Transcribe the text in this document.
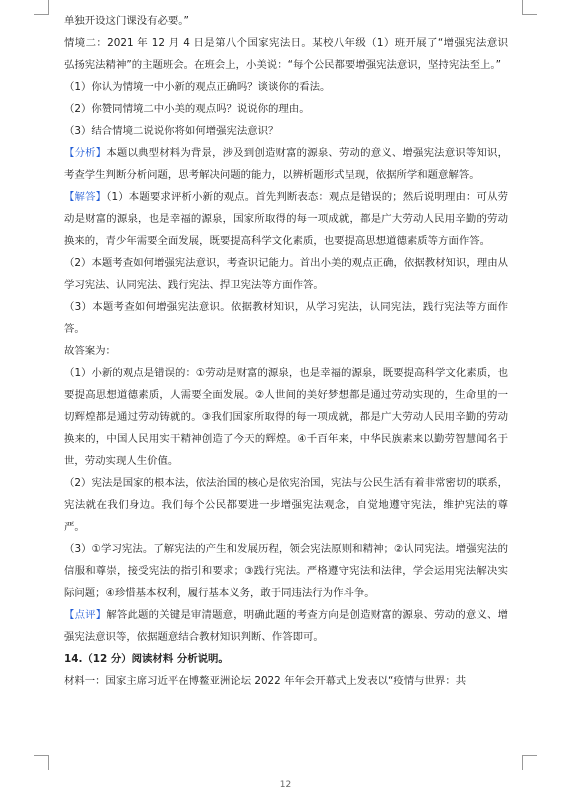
单独开设这门课没有必要。”

情境二：2021 年 12 月 4 日是第八个国家宪法日。某校八年级（1）班开展了“增强宪法意识　弘扬宪法精神”的主题班会。在班会上，小美说：“每个公民都要增强宪法意识，坚持宪法至上。”

（1）你认为情境一中小新的观点正确吗？谈谈你的看法。

（2）你赞同情境二中小美的观点吗？说说你的理由。

（3）结合情境二说说你将如何增强宪法意识？

【分析】本题以典型材料为背景，涉及到创造财富的源泉、劳动的意义、增强宪法意识等知识，考查学生判断分析问题，思考解决问题的能力，以辨析题形式呈现，依据所学和题意解答。

【解答】（1）本题要求评析小新的观点。首先判断表态：观点是错误的；然后说明理由：可从劳动是财富的源泉，也是幸福的源泉，国家所取得的每一项成就，都是广大劳动人民用辛勤的劳动换来的，青少年需要全面发展，既要提高科学文化素质，也要提高思想道德素质等方面作答。

（2）本题考查如何增强宪法意识，考查识记能力。首出小美的观点正确，依据教材知识，理由从学习宪法、认同宪法、践行宪法、捍卫宪法等方面作答。

（3）本题考查如何增强宪法意识。依据教材知识，从学习宪法，认同宪法，践行宪法等方面作答。

故答案为：

（1）小新的观点是错误的：①劳动是财富的源泉，也是幸福的源泉，既要提高科学文化素质，也要提高思想道德素质，人需要全面发展。②人世间的美好梦想都是通过劳动实现的，生命里的一切辉煌都是通过劳动铸就的。③我们国家所取得的每一项成就，都是广大劳动人民用辛勤的劳动换来的，中国人民用实干精神创造了今天的辉煌。④千百年来，中华民族素来以勤劳智慧闻名于世，劳动实现人生价值。

（2）宪法是国家的根本法，依法治国的核心是依宪治国，宪法与公民生活有着非常密切的联系，宪法就在我们身边。我们每个公民都要进一步增强宪法观念，自觉地遵守宪法，维护宪法的尊严。

（3）①学习宪法。了解宪法的产生和发展历程，领会宪法原则和精神；②认同宪法。增强宪法的信服和尊崇，接受宪法的指引和要求；③践行宪法。严格遵守宪法和法律，学会运用宪法解决实际问题；④珍惜基本权利，履行基本义务，敢于同违法行为作斗争。

【点评】解答此题的关键是审清题意，明确此题的考查方向是创造财富的源泉、劳动的意义、增强宪法意识等，依据题意结合教材知识判断、作答即可。

14.（12 分）阅读材料 分析说明。

材料一：国家主席习近平在博鳌亚洲论坛 2022 年年会开幕式上发表以“疫情与世界：共

12
